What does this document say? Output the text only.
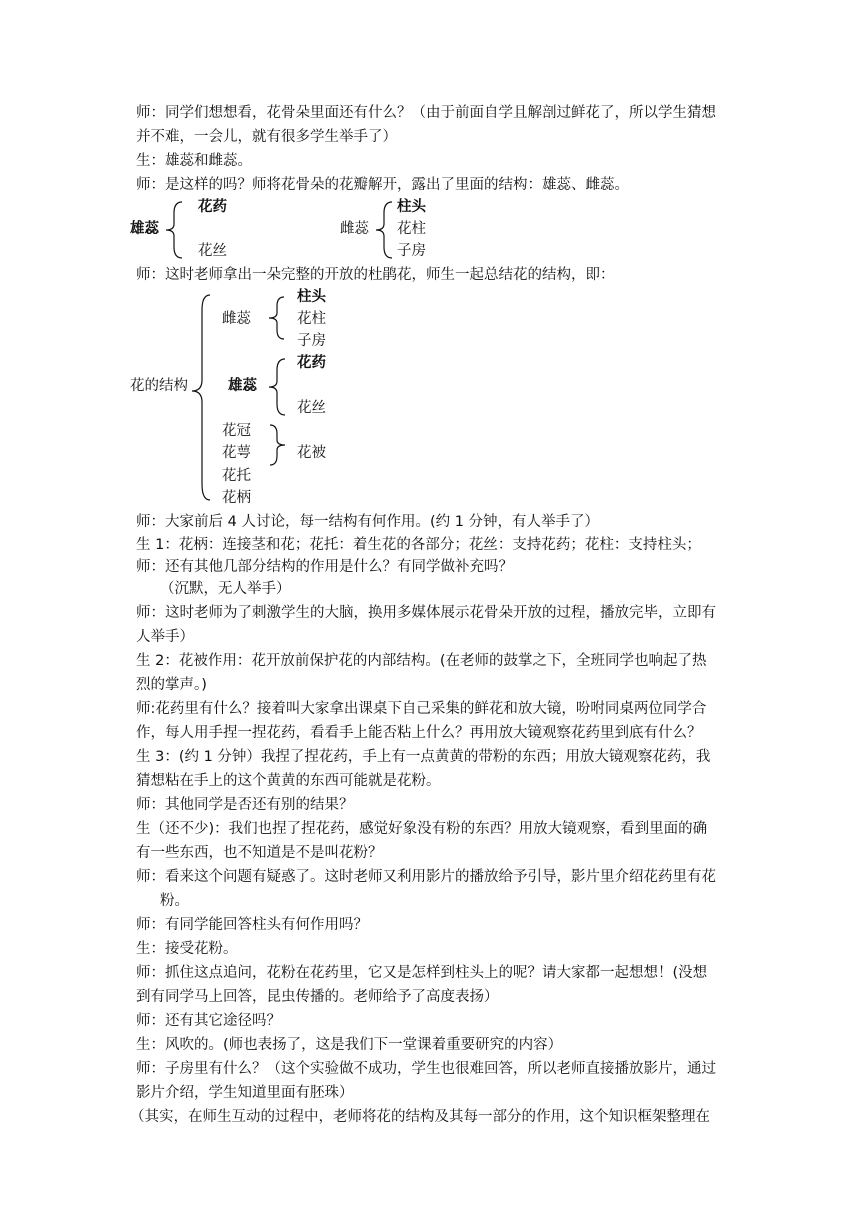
师：同学们想想看，花骨朵里面还有什么？（由于前面自学且解剖过鲜花了，所以学生猜想
并不难，一会儿，就有很多学生举手了）
生：雄蕊和雌蕊。
师：是这样的吗？师将花骨朵的花瓣解开，露出了里面的结构：雄蕊、雌蕊。
雄蕊
花药
花丝
雌蕊
柱头
花柱
子房
师：这时老师拿出一朵完整的开放的杜鹃花，师生一起总结花的结构，即：
花的结构
雌蕊
柱头
花柱
子房
雄蕊
花药
花丝
花冠
花萼	花被
花托
花柄
师：大家前后 4 人讨论，每一结构有何作用。(约 1 分钟，有人举手了）
生 1：花柄：连接茎和花；花托：着生花的各部分；花丝：支持花药；花柱：支持柱头；
师：还有其他几部分结构的作用是什么？有同学做补充吗？
（沉默，无人举手）
师：这时老师为了刺激学生的大脑，换用多媒体展示花骨朵开放的过程，播放完毕，立即有
人举手）
生 2：花被作用：花开放前保护花的内部结构。(在老师的鼓掌之下，全班同学也响起了热
烈的掌声。)
师:花药里有什么？接着叫大家拿出课桌下自己采集的鲜花和放大镜，吩咐同桌两位同学合
作，每人用手捏一捏花药，看看手上能否粘上什么？再用放大镜观察花药里到底有什么？
生 3：(约 1 分钟）我捏了捏花药，手上有一点黄黄的带粉的东西；用放大镜观察花药，我
猜想粘在手上的这个黄黄的东西可能就是花粉。
师：其他同学是否还有别的结果？
生（还不少)：我们也捏了捏花药，感觉好象没有粉的东西？用放大镜观察，看到里面的确
有一些东西，也不知道是不是叫花粉？
师：看来这个问题有疑惑了。这时老师又利用影片的播放给予引导，影片里介绍花药里有花
粉。
师：有同学能回答柱头有何作用吗？
生：接受花粉。
师：抓住这点追问，花粉在花药里，它又是怎样到柱头上的呢？请大家都一起想想！(没想
到有同学马上回答，昆虫传播的。老师给予了高度表扬）
师：还有其它途径吗？
生：风吹的。(师也表扬了，这是我们下一堂课着重要研究的内容）
师：子房里有什么？（这个实验做不成功，学生也很难回答，所以老师直接播放影片，通过
影片介绍，学生知道里面有胚珠）
（其实，在师生互动的过程中，老师将花的结构及其每一部分的作用，这个知识框架整理在
